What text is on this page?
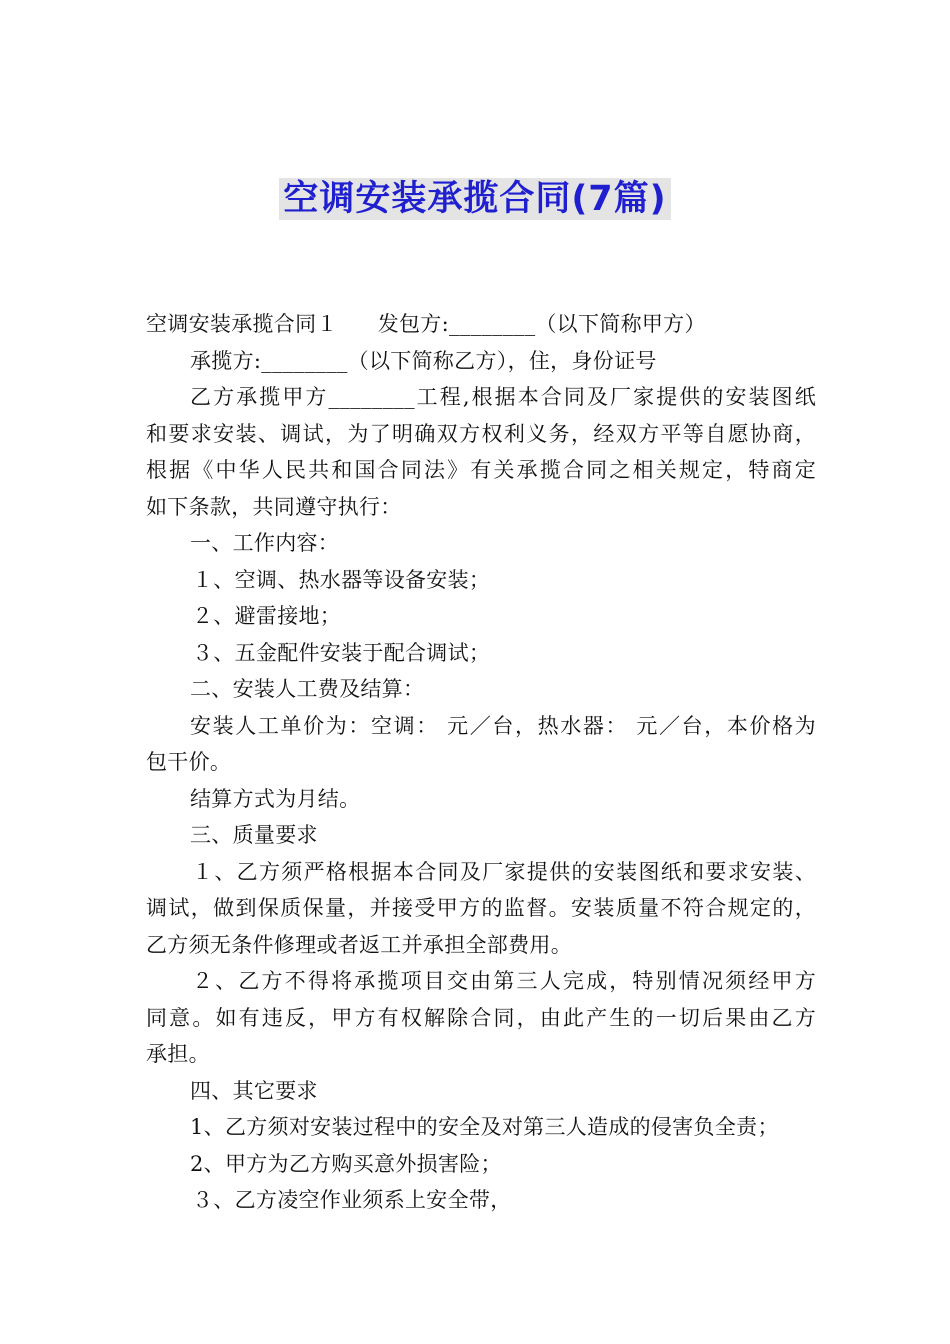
空调安装承揽合同(7篇)
空调安装承揽合同１ 发包方:________（以下简称甲方）
承揽方:________（以下简称乙方），住，身份证号
乙方承揽甲方________工程,根据本合同及厂家提供的安装图纸
和要求安装、调试，为了明确双方权利义务，经双方平等自愿协商，
根据《中华人民共和国合同法》有关承揽合同之相关规定，特商定
如下条款，共同遵守执行：
一、工作内容：
１、空调、热水器等设备安装；
２、避雷接地；
３、五金配件安装于配合调试；
二、安装人工费及结算：
安装人工单价为：空调： 元／台，热水器： 元／台，本价格为
包干价。
结算方式为月结。
三、质量要求
１、乙方须严格根据本合同及厂家提供的安装图纸和要求安装、
调试，做到保质保量，并接受甲方的监督。安装质量不符合规定的，
乙方须无条件修理或者返工并承担全部费用。
２、乙方不得将承揽项目交由第三人完成，特别情况须经甲方
同意。如有违反，甲方有权解除合同，由此产生的一切后果由乙方
承担。
四、其它要求
1、乙方须对安装过程中的安全及对第三人造成的侵害负全责；
2、甲方为乙方购买意外损害险；
３、乙方凌空作业须系上安全带，
